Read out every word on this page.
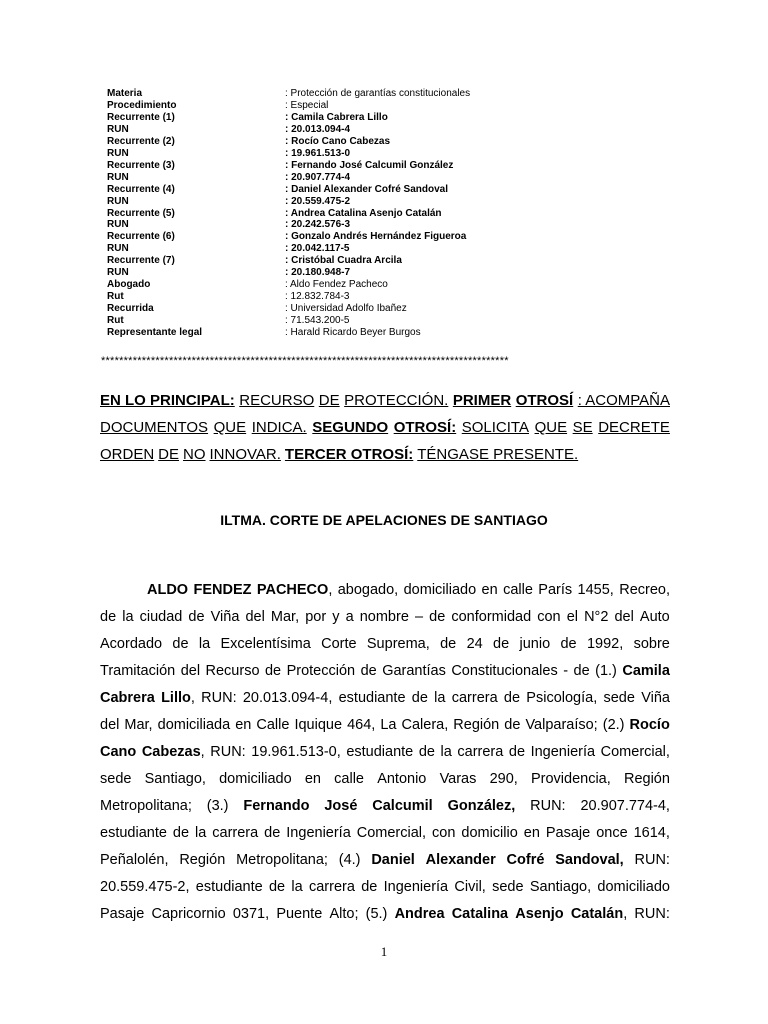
Materia	: Protección de garantías constitucionales
Procedimiento	: Especial
Recurrente (1)	: Camila Cabrera Lillo
RUN	: 20.013.094-4
Recurrente (2)	: Rocío Cano Cabezas
RUN	: 19.961.513-0
Recurrente (3)	: Fernando José Calcumil González
RUN	: 20.907.774-4
Recurrente (4)	: Daniel Alexander Cofré Sandoval
RUN	: 20.559.475-2
Recurrente (5)	: Andrea Catalina Asenjo Catalán
RUN	: 20.242.576-3
Recurrente (6)	: Gonzalo Andrés Hernández Figueroa
RUN	: 20.042.117-5
Recurrente (7)	: Cristóbal Cuadra Arcila
RUN	: 20.180.948-7
Abogado	: Aldo Fendez Pacheco
Rut	: 12.832.784-3
Recurrida	: Universidad Adolfo Ibañez
Rut	: 71.543.200-5
Representante legal	: Harald Ricardo Beyer Burgos
******************************************************************************************
EN LO PRINCIPAL: RECURSO DE PROTECCIÓN. PRIMER OTROSÍ : ACOMPAÑA
DOCUMENTOS QUE INDICA. SEGUNDO OTROSÍ: SOLICITA QUE SE DECRETE
ORDEN DE NO INNOVAR. TERCER OTROSÍ: TÉNGASE PRESENTE.
ILTMA. CORTE DE APELACIONES DE SANTIAGO
ALDO FENDEZ PACHECO, abogado, domiciliado en calle París 1455, Recreo,
de la ciudad de Viña del Mar, por y a nombre – de conformidad con el N°2 del Auto
Acordado de la Excelentísima Corte Suprema, de 24 de junio de 1992, sobre
Tramitación del Recurso de Protección de Garantías Constitucionales - de (1.) Camila
Cabrera Lillo, RUN: 20.013.094-4, estudiante de la carrera de Psicología, sede Viña
del Mar, domiciliada en Calle Iquique 464, La Calera, Región de Valparaíso; (2.) Rocío
Cano Cabezas, RUN: 19.961.513-0, estudiante de la carrera de Ingeniería Comercial,
sede Santiago, domiciliado en calle Antonio Varas 290, Providencia, Región
Metropolitana; (3.) Fernando José Calcumil González, RUN: 20.907.774-4,
estudiante de la carrera de Ingeniería Comercial, con domicilio en Pasaje once 1614,
Peñalolén, Región Metropolitana; (4.) Daniel Alexander Cofré Sandoval, RUN:
20.559.475-2, estudiante de la carrera de Ingeniería Civil, sede Santiago, domiciliado
Pasaje Capricornio 0371, Puente Alto; (5.) Andrea Catalina Asenjo Catalán, RUN:
1
